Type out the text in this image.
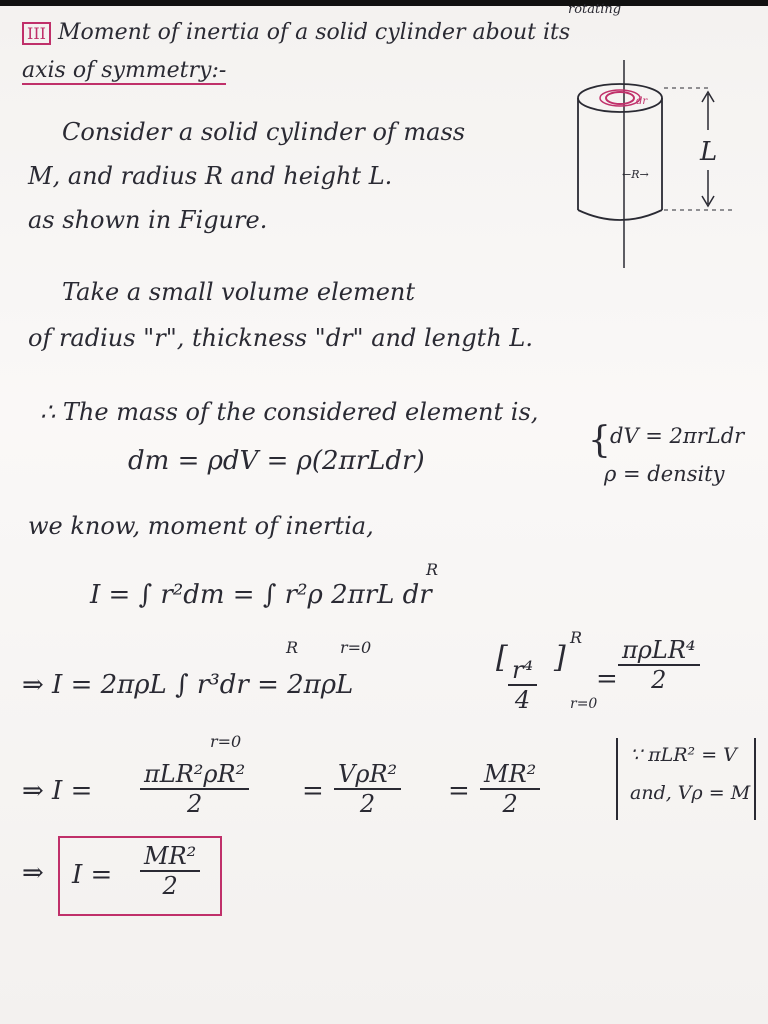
III Moment of inertia of a solid cylinder about its
rotating
axis of symmetry:-
Consider a solid cylinder of mass
M, and radius R and height L.
as shown in Figure.
L
←R→
dr
Take a small volume element
of radius "r", thickness "dr" and length L.
∴ The mass of the considered element is,
dm = ρdV = ρ(2πrLdr)	{ dV = 2πrLdr
ρ = density
we know, moment of inertia,
I = ∫ r²dm = ∫ r²ρ 2πrL dr
R
r=0
R
⇒ I = 2πρL ∫ r³dr = 2πρL
r=0
[ $\frac{\text{r⁴}}{4}$ ]
R
r=0
= $\frac{\text{πρLR⁴}}{2}$
⇒ $I = \frac{\text{πLR²ρR²}}{2} = \frac{\text{VρR²}}{2} = \frac{\text{MR²}}{2}$
∵ πLR² = V
and, Vρ = M
⇒ $I = \frac{\text{MR²}}{2}$
